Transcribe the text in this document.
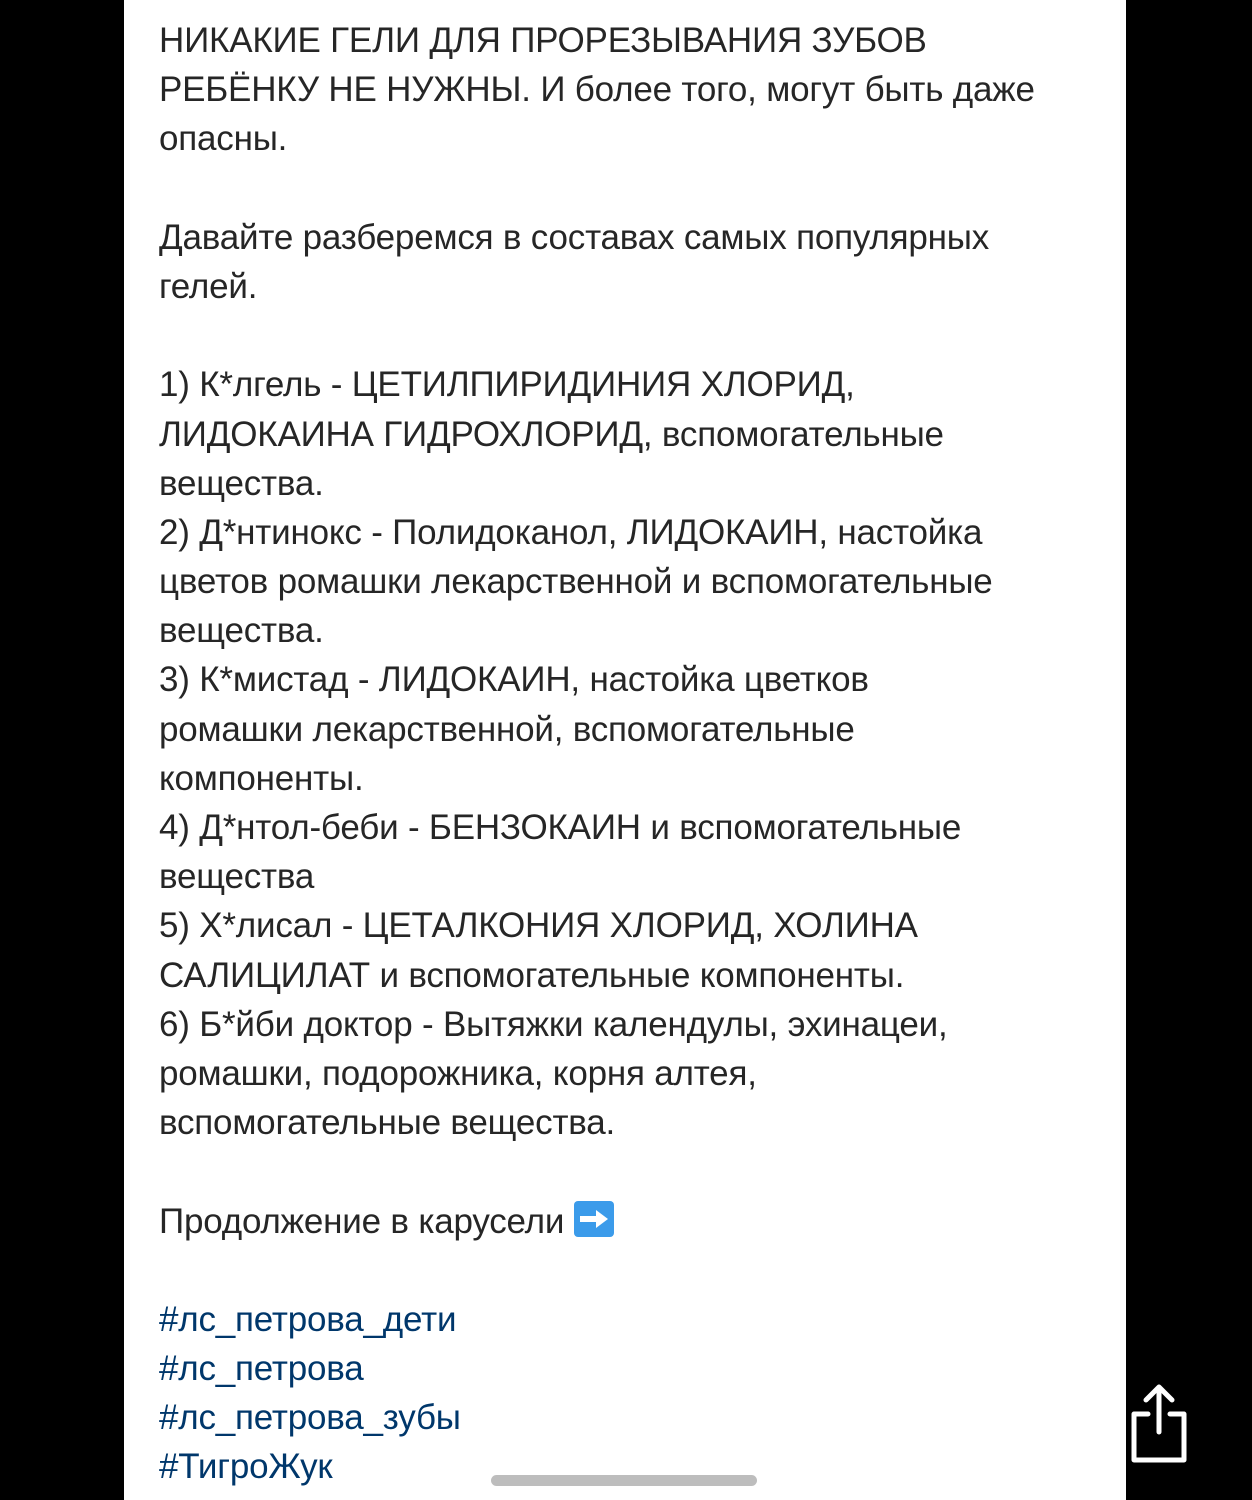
НИКАКИЕ ГЕЛИ ДЛЯ ПРОРЕЗЫВАНИЯ ЗУБОВ
РЕБЁНКУ НЕ НУЖНЫ. И более того, могут быть даже
опасны.
Давайте разберемся в составах самых популярных
гелей.
1) К*лгель - ЦЕТИЛПИРИДИНИЯ ХЛОРИД,
ЛИДОКАИНА ГИДРОХЛОРИД, вспомогательные
вещества.
2) Д*нтинокс - Полидоканол, ЛИДОКАИН, настойка
цветов ромашки лекарственной и вспомогательные
вещества.
3) К*мистад - ЛИДОКАИН, настойка цветков
ромашки лекарственной, вспомогательные
компоненты.
4) Д*нтол-беби - БЕНЗОКАИН и вспомогательные
вещества
5) Х*лисал - ЦЕТАЛКОНИЯ ХЛОРИД, ХОЛИНА
САЛИЦИЛАТ и вспомогательные компоненты.
6) Б*йби доктор - Вытяжки календулы, эхинацеи,
ромашки, подорожника, корня алтея,
вспомогательные вещества.
Продолжение в карусели
#лс_петрова_дети
#лс_петрова
#лс_петрова_зубы
#ТигроЖук
